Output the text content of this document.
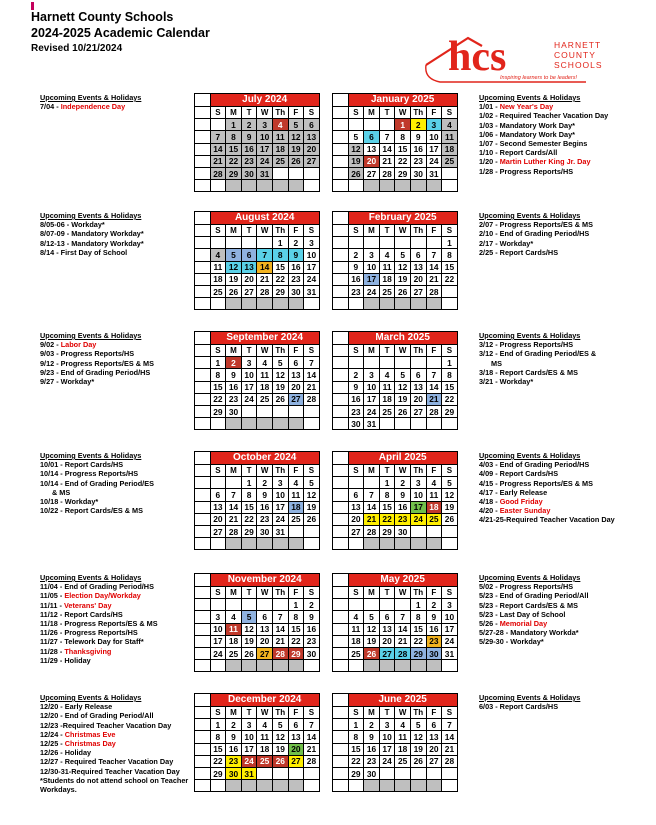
Harnett County Schools
2024-2025 Academic Calendar
Revised 10/21/2024	hcs	HARNETT
COUNTY
SCHOOLS
Inspiring learners to be leaders!
Upcoming Events & Holidays
7/04 - Independence Day
Upcoming Events & Holidays
1/01 - New Year's Day
1/02 - Required Teacher Vacation Day
1/03 - Mandatory Work Day*
1/06 - Mandatory Work Day*
1/07 - Second Semester Begins
1/10 - Report Cards/All
1/20 - Martin Luther King Jr. Day
1/28 - Progress Reports/HS
	July 2024						
	S	M	T	W	Th	F	S
		1	2	3	4	5	6
	7	8	9	10	11	12	13
	14	15	16	17	18	19	20
	21	22	23	24	25	26	27
	28	29	30	31			

	January 2025						
	S	M	T	W	Th	F	S
				1	2	3	4
	5	6	7	8	9	10	11
	12	13	14	15	16	17	18
	19	20	21	22	23	24	25
	26	27	28	29	30	31	

Upcoming Events & Holidays
8/05-06 - Workday*
8/07-09 - Mandatory Workday*
8/12-13 - Mandatory Workday*
8/14 - First Day of School
Upcoming Events & Holidays
2/07 - Progress Reports/ES & MS
2/10 - End of Grading Period/HS
2/17 - Workday*
2/25 - Report Cards/HS
	August 2024						
	S	M	T	W	Th	F	S
					1	2	3
	4	5	6	7	8	9	10
	11	12	13	14	15	16	17
	18	19	20	21	22	23	24
	25	26	27	28	29	30	31

	February 2025						
	S	M	T	W	Th	F	S
							1
	2	3	4	5	6	7	8
	9	10	11	12	13	14	15
	16	17	18	19	20	21	22
	23	24	25	26	27	28	

Upcoming Events & Holidays
9/02 - Labor Day
9/03 - Progress Reports/HS
9/12 - Progress Reports/ES & MS
9/23 - End of Grading Period/HS
9/27 - Workday*
Upcoming Events & Holidays
3/12 - Progress Reports/HS
3/12 - End of Grading Period/ES &
MS
3/18 - Report Cards/ES & MS
3/21 - Workday*
	September 2024						
	S	M	T	W	Th	F	S
	1	2	3	4	5	6	7
	8	9	10	11	12	13	14
	15	16	17	18	19	20	21
	22	23	24	25	26	27	28
	29	30					

	March 2025						
	S	M	T	W	Th	F	S
							1
	2	3	4	5	6	7	8
	9	10	11	12	13	14	15
	16	17	18	19	20	21	22
	23	24	25	26	27	28	29
	30	31					
Upcoming Events & Holidays
10/01 - Report Cards/HS
10/14 - Progress Reports/HS
10/14 - End of Grading Period/ES
& MS
10/18 - Workday*
10/22 - Report Cards/ES & MS
Upcoming Events & Holidays
4/03 - End of Grading Period/HS
4/09 - Report Cards/HS
4/15 - Progress Reports/ES & MS
4/17 - Early Release
4/18 - Good Friday
4/20 - Easter Sunday
4/21-25-Required Teacher Vacation Day
	October 2024						
	S	M	T	W	Th	F	S
			1	2	3	4	5
	6	7	8	9	10	11	12
	13	14	15	16	17	18	19
	20	21	22	23	24	25	26
	27	28	29	30	31		

	April 2025						
	S	M	T	W	Th	F	S
			1	2	3	4	5
	6	7	8	9	10	11	12
	13	14	15	16	17	18	19
	20	21	22	23	24	25	26
	27	28	29	30			

Upcoming Events & Holidays
11/04 - End of Grading Period/HS
11/05 - Election Day/Workday
11/11 - Veterans' Day
11/12 - Report Cards/HS
11/18 - Progress Reports/ES & MS
11/26 - Progress Reports/HS
11/27 - Telework Day for Staff*
11/28 - Thanksgiving
11/29 - Holiday
Upcoming Events & Holidays
5/02 - Progress Reports/HS
5/23 - End of Grading Period/All
5/23 - Report Cards/ES & MS
5/23 - Last Day of School
5/26 - Memorial Day
5/27-28 - Mandatory Workda*
5/29-30 - Workday*
	November 2024						
	S	M	T	W	Th	F	S
						1	2
	3	4	5	6	7	8	9
	10	11	12	13	14	15	16
	17	18	19	20	21	22	23
	24	25	26	27	28	29	30

	May 2025						
	S	M	T	W	Th	F	S
					1	2	3
	4	5	6	7	8	9	10
	11	12	13	14	15	16	17
	18	19	20	21	22	23	24
	25	26	27	28	29	30	31

Upcoming Events & Holidays
12/20 - Early Release
12/20 - End of Grading Period/All
12/23 -Required Teacher Vacation Day
12/24 - Christmas Eve
12/25 - Christmas Day
12/26 - Holiday
12/27 - Required Teacher Vacation Day
12/30-31-Required Teacher Vacation Day
*Students do not attend school on Teacher
Workdays.
Upcoming Events & Holidays
6/03 - Report Cards/HS
	December 2024						
	S	M	T	W	Th	F	S
	1	2	3	4	5	6	7
	8	9	10	11	12	13	14
	15	16	17	18	19	20	21
	22	23	24	25	26	27	28
	29	30	31				

	June 2025						
	S	M	T	W	Th	F	S
	1	2	3	4	5	6	7
	8	9	10	11	12	13	14
	15	16	17	18	19	20	21
	22	23	24	25	26	27	28
	29	30					
